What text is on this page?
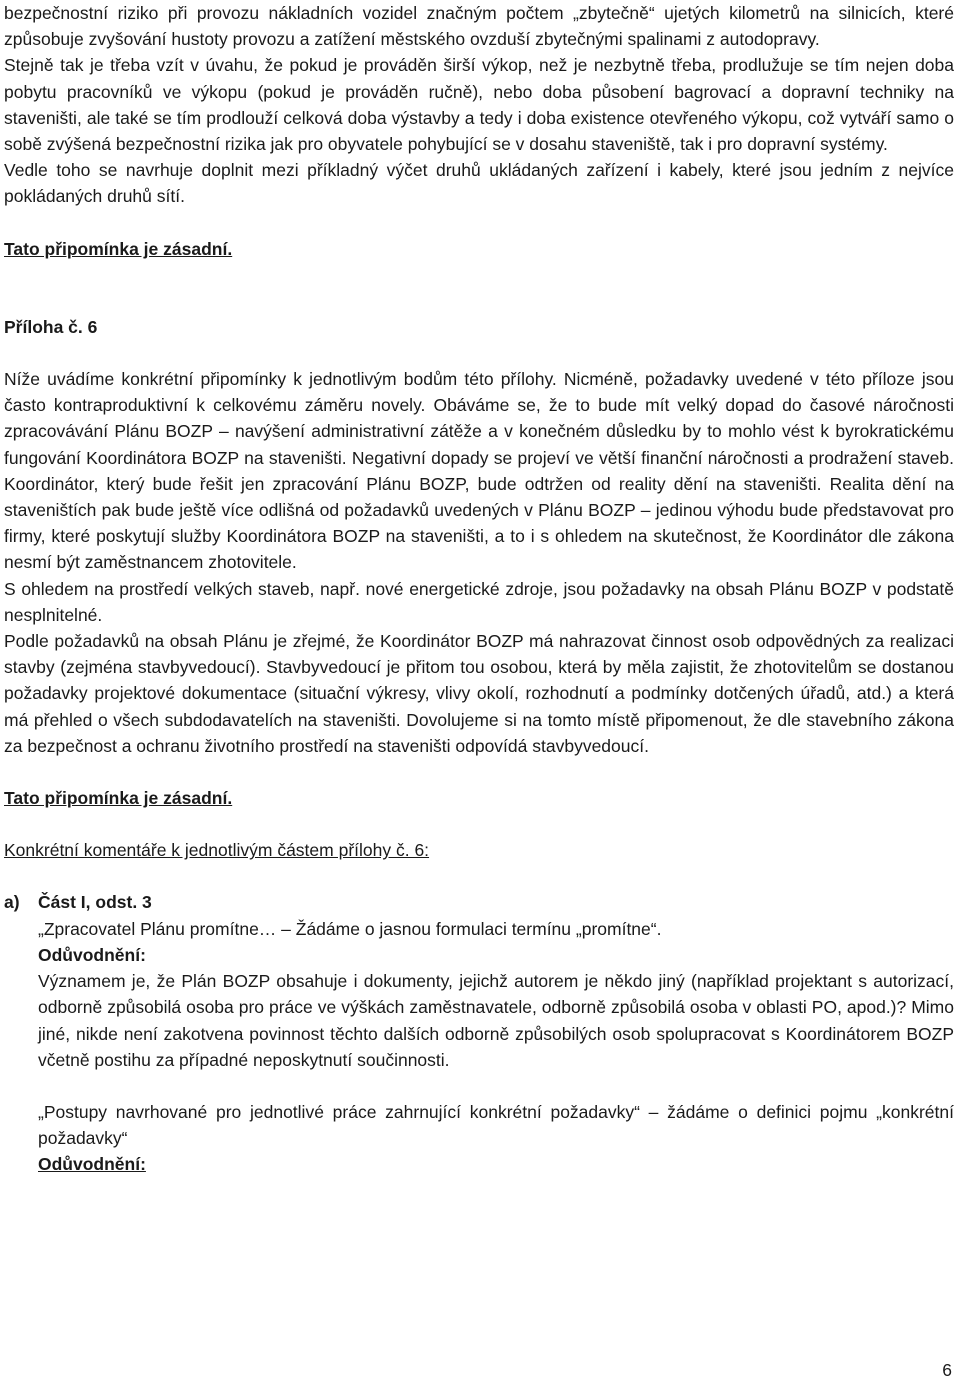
bezpečnostní riziko při provozu nákladních vozidel značným počtem „zbytečně“ ujetých kilometrů na silnicích, které způsobuje zvyšování hustoty provozu a zatížení městského ovzduší zbytečnými spalinami z autodopravy.

Stejně tak je třeba vzít v úvahu, že pokud je prováděn širší výkop, než je nezbytně třeba, prodlužuje se tím nejen doba pobytu pracovníků ve výkopu (pokud je prováděn ručně), nebo doba působení bagrovací a dopravní techniky na staveništi, ale také se tím prodlouží celková doba výstavby a tedy i doba existence otevřeného výkopu, což vytváří samo o sobě zvýšená bezpečnostní rizika jak pro obyvatele pohybující se v dosahu staveniště, tak i pro dopravní systémy.

Vedle toho se navrhuje doplnit mezi příkladný výčet druhů ukládaných zařízení i kabely, které jsou jedním z nejvíce pokládaných druhů sítí.

Tato připomínka je zásadní.

Příloha č. 6

Níže uvádíme konkrétní připomínky k jednotlivým bodům této přílohy. Nicméně, požadavky uvedené v této příloze jsou často kontraproduktivní k celkovému záměru novely. Obáváme se, že to bude mít velký dopad do časové náročnosti zpracovávání Plánu BOZP – navýšení administrativní zátěže a v konečném důsledku by to mohlo vést k byrokratickému fungování Koordinátora BOZP na staveništi. Negativní dopady se projeví ve větší finanční náročnosti a prodražení staveb. Koordinátor, který bude řešit jen zpracování Plánu BOZP, bude odtržen od reality dění na staveništi. Realita dění na staveništích pak bude ještě více odlišná od požadavků uvedených v Plánu BOZP – jedinou výhodu bude představovat pro firmy, které poskytují služby Koordinátora BOZP na staveništi, a to i s ohledem na skutečnost, že Koordinátor dle zákona nesmí být zaměstnancem zhotovitele.

S ohledem na prostředí velkých staveb, např. nové energetické zdroje, jsou požadavky na obsah Plánu BOZP v podstatě nesplnitelné.

Podle požadavků na obsah Plánu je zřejmé, že Koordinátor BOZP má nahrazovat činnost osob odpovědných za realizaci stavby (zejména stavbyvedoucí). Stavbyvedoucí je přitom tou osobou, která by měla zajistit, že zhotovitelům se dostanou požadavky projektové dokumentace (situační výkresy, vlivy okolí, rozhodnutí a podmínky dotčených úřadů, atd.) a která má přehled o všech subdodavatelích na staveništi. Dovolujeme si na tomto místě připomenout, že dle stavebního zákona za bezpečnost a ochranu životního prostředí na staveništi odpovídá stavbyvedoucí.

Tato připomínka je zásadní.

Konkrétní komentáře k jednotlivým částem přílohy č. 6:

a)	Část I, odst. 3

„Zpracovatel Plánu promítne… – Žádáme o jasnou formulaci termínu „promítne“.

Odůvodnění:

Významem je, že Plán BOZP obsahuje i dokumenty, jejichž autorem je někdo jiný (například projektant s autorizací, odborně způsobilá osoba pro práce ve výškách zaměstnavatele, odborně způsobilá osoba v oblasti PO, apod.)? Mimo jiné, nikde není zakotvena povinnost těchto dalších odborně způsobilých osob spolupracovat s Koordinátorem BOZP včetně postihu za případné neposkytnutí součinnosti.

„Postupy navrhované pro jednotlivé práce zahrnující konkrétní požadavky“ – žádáme o definici pojmu „konkrétní požadavky“

Odůvodnění:

6
